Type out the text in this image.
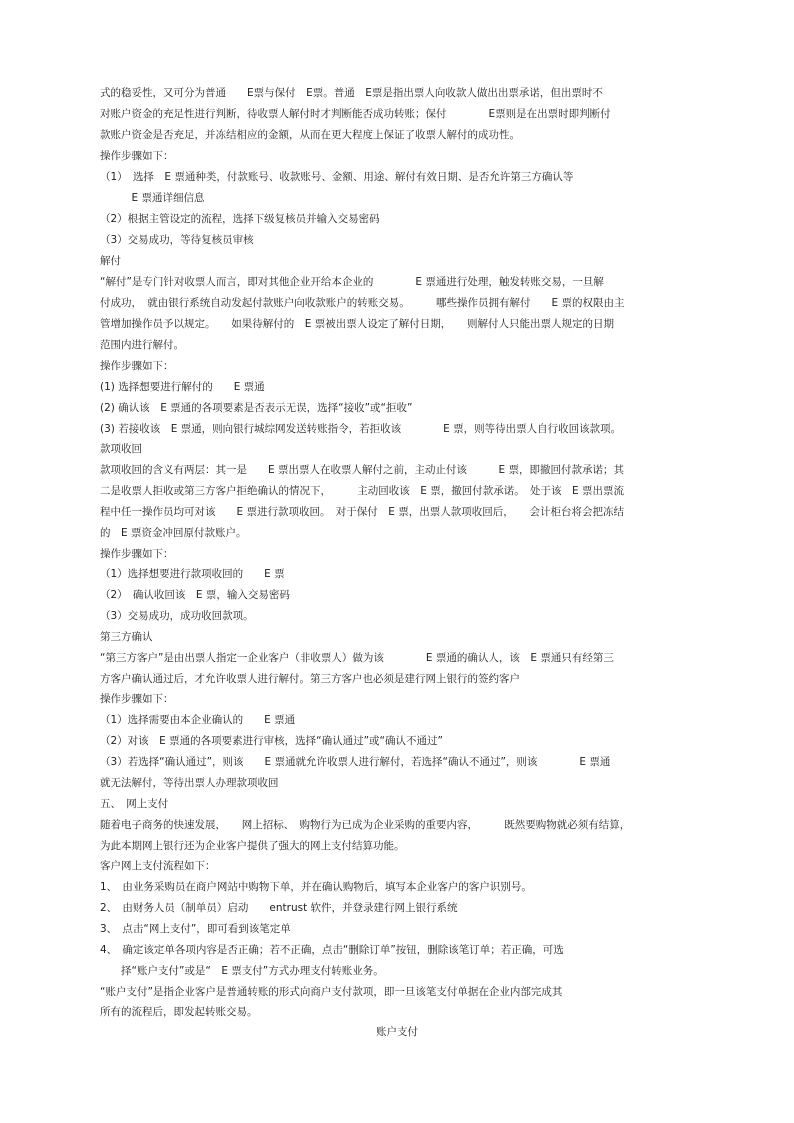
式的稳妥性，又可分为普通　　E票与保付　E票。普通　E票是指出票人向收款人做出出票承诺，但出票时不
对账户资金的充足性进行判断，待收票人解付时才判断能否成功转账；保付　　　　E票则是在出票时即判断付
款账户资金是否充足，并冻结相应的金额，从而在更大程度上保证了收票人解付的成功性。
操作步骤如下：
（1）　选择　E 票通种类，付款账号、收款账号、金额、用途、解付有效日期、是否允许第三方确认等
　　　E 票通详细信息
（2）根据主管设定的流程，选择下级复核员并输入交易密码
（3）交易成功，等待复核员审核
解付
“解付”是专门针对收票人而言，即对其他企业开给本企业的　　　　E 票通进行处理，触发转账交易，一旦解
付成功，　就由银行系统自动发起付款账户向收款账户的转账交易。　　　哪些操作员拥有解付　　E 票的权限由主
管增加操作员予以规定。　　如果待解付的　E 票被出票人设定了解付日期，　　则解付人只能出票人规定的日期
范围内进行解付。
操作步骤如下：
(1) 选择想要进行解付的　　E 票通
(2) 确认该　E 票通的各项要素是否表示无误，选择“接收”或“拒收”
(3) 若接收该　E 票通，则向银行城综网发送转账指令，若拒收该　　　　E 票，则等待出票人自行收回该款项。
款项收回
款项收回的含义有两层：其一是　　E 票出票人在收票人解付之前，主动止付该　　　E 票，即撤回付款承诺；其
二是收票人拒收或第三方客户拒绝确认的情况下，　　　主动回收该　E 票，撤回付款承诺。　处于该　E 票出票流
程中任一操作员均可对该　　E 票进行款项收回。　对于保付　E 票，出票人款项收回后，　　会计柜台将会把冻结
的　E 票资金冲回原付款账户。
操作步骤如下：
（1）选择想要进行款项收回的　　E 票
（2）　确认收回该　E 票，输入交易密码
（3）交易成功，成功收回款项。
第三方确认
“第三方客户”是由出票人指定一企业客户（非收票人）做为该　　　　E 票通的确认人，该　E 票通只有经第三
方客户确认通过后，才允许收票人进行解付。第三方客户也必须是建行网上银行的签约客户
操作步骤如下：
（1）选择需要由本企业确认的　　E 票通
（2）对该　E 票通的各项要素进行审核，选择“确认通过”或“确认不通过”
（3）若选择“确认通过”，则该　　E 票通就允许收票人进行解付，若选择“确认不通过”，则该　　　　E 票通
就无法解付，等待出票人办理款项收回
五、　网上支付
随着电子商务的快速发展，　　网上招标、　购物行为已成为企业采购的重要内容，　　　既然要购物就必须有结算，
为此本期网上银行还为企业客户提供了强大的网上支付结算功能。
客户网上支付流程如下：
1、　由业务采购员在商户网站中购物下单，并在确认购物后，填写本企业客户的客户识别号。
2、　由财务人员（制单员）启动　　entrust 软件，并登录建行网上银行系统
3、　点击“网上支付”，即可看到该笔定单
4、　确定该定单各项内容是否正确；若不正确，点击“删除订单”按钮，删除该笔订单；若正确，可选
　　择“账户支付”或是“　E 票支付”方式办理支付转账业务。
“账户支付”是指企业客户是普通转账的形式向商户支付款项，即一旦该笔支付单据在企业内部完成其
所有的流程后，即发起转账交易。
账户支付
